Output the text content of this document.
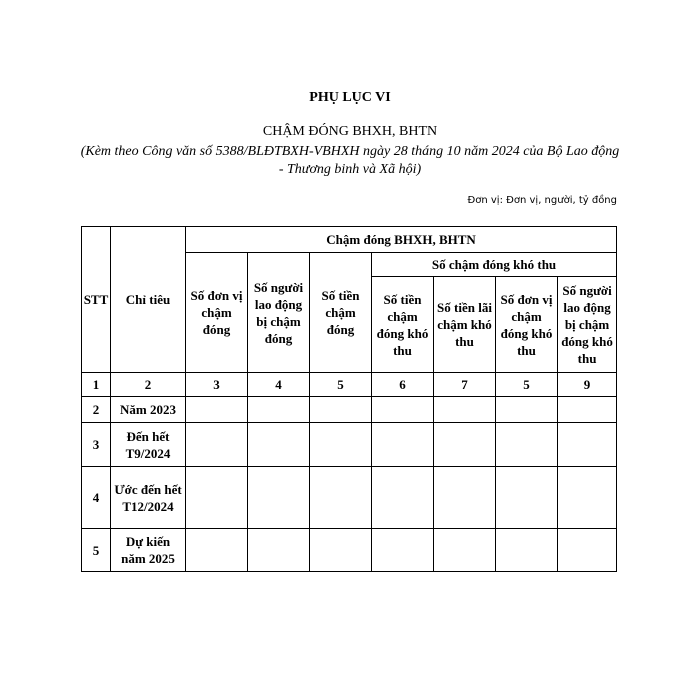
PHỤ LỤC VI
CHẬM ĐÓNG BHXH, BHTN
(Kèm theo Công văn số 5388/BLĐTBXH-VBHXH ngày 28 tháng 10 năm 2024 của Bộ Lao động - Thương binh và Xã hội)
Đơn vị: Đơn vị, người, tỷ đồng
STT	Chỉ tiêu	Chậm đóng BHXH, BHTN						
		Số đơn vị chậm đóng	Số người lao động bị chậm đóng	Số tiền chậm đóng	Số chậm đóng khó thu			
					Số tiền chậm đóng khó thu	Số tiền lãi chậm khó thu	Số đơn vị chậm đóng khó thu	Số người lao động bị chậm đóng khó thu
1	2	3	4	5	6	7	5	9
2	Năm 2023							
3	Đến hết T9/2024							
4	Ước đến hết T12/2024							
5	Dự kiến năm 2025							
